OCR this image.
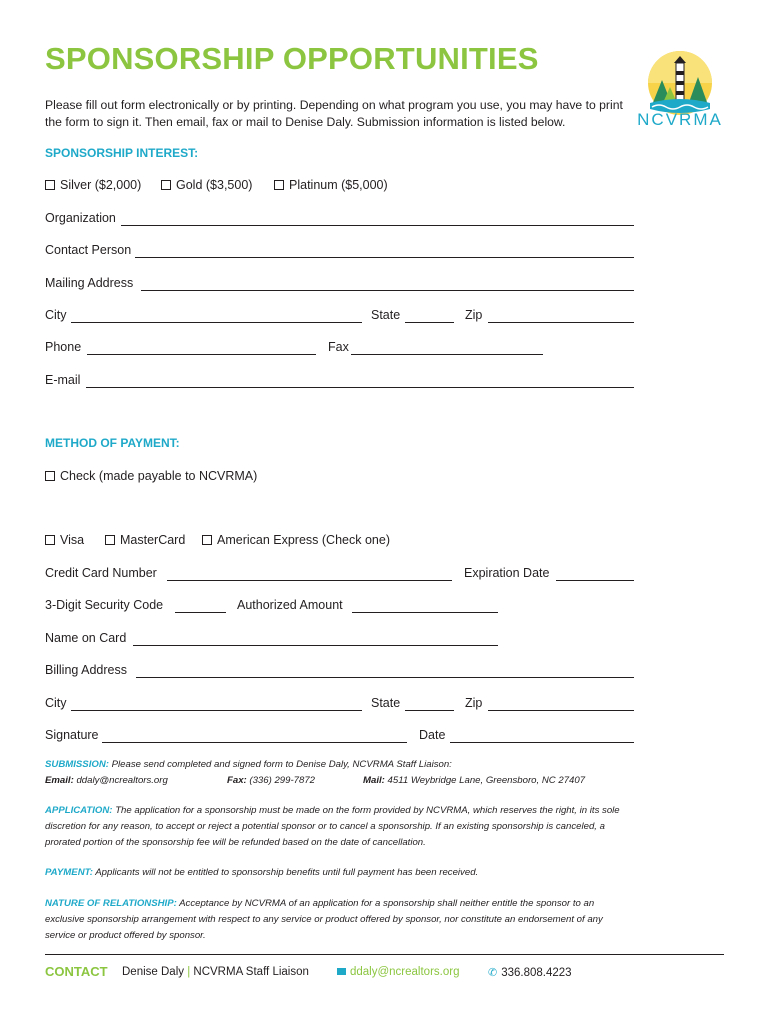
SPONSORSHIP OPPORTUNITIES
Please fill out form electronically or by printing. Depending on what program you use, you may have to print the form to sign it. Then email, fax or mail to Denise Daly. Submission information is listed below.	NCVRMA
SPONSORSHIP INTEREST:
Silver ($2,000)	Gold ($3,500)	Platinum ($5,000)
Organization
Contact Person
Mailing Address
City	State	Zip
Phone	Fax
E-mail
METHOD OF PAYMENT:
Check (made payable to NCVRMA)
Visa	MasterCard	American Express (Check one)
Credit Card Number	Expiration Date
3-Digit Security Code	Authorized Amount
Name on Card
Billing Address
City	State	Zip
Signature	Date
SUBMISSION: Please send completed and signed form to Denise Daly, NCVRMA Staff Liaison:
Email: ddaly@ncrealtors.org	Fax: (336) 299-7872	Mail: 4511 Weybridge Lane, Greensboro, NC 27407
APPLICATION: The application for a sponsorship must be made on the form provided by NCVRMA, which reserves the right, in its sole discretion for any reason, to accept or reject a potential sponsor or to cancel a sponsorship. If an existing sponsorship is canceled, a prorated portion of the sponsorship fee will be refunded based on the date of cancellation.
PAYMENT: Applicants will not be entitled to sponsorship benefits until full payment has been received.
NATURE OF RELATIONSHIP: Acceptance by NCVRMA of an application for a sponsorship shall neither entitle the sponsor to an exclusive sponsorship arrangement with respect to any service or product offered by sponsor, nor constitute an endorsement of any service or product offered by sponsor.
CONTACT Denise Daly | NCVRMA Staff Liaison	ddaly@ncrealtors.org	✆ 336.808.4223
